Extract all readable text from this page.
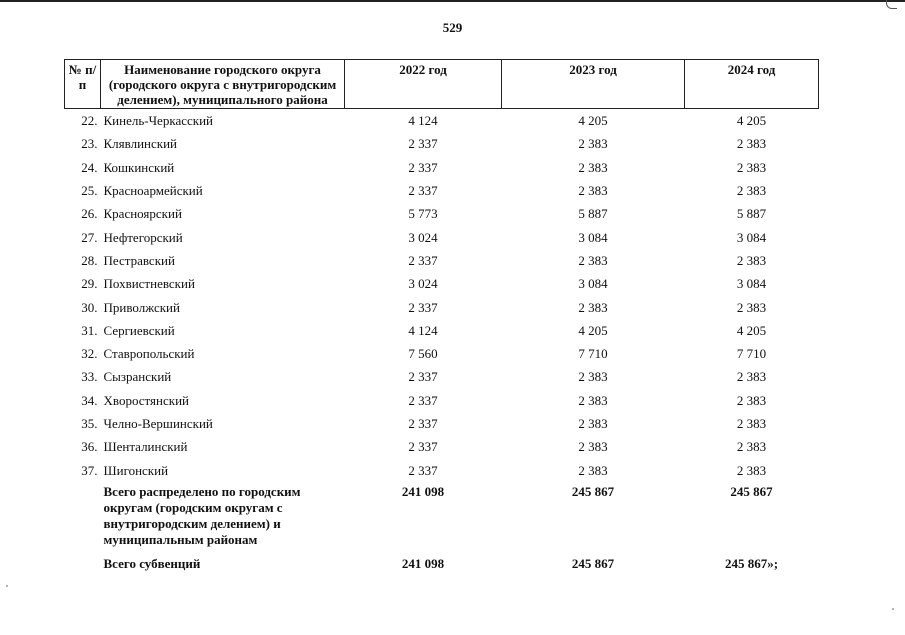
529
№ п/п	Наименование городского округа (городского округа с внутригородским делением), муниципального района	2022 год	2023 год	2024 год
22.	Кинель-Черкасский	4 124	4 205	4 205
23.	Клявлинский	2 337	2 383	2 383
24.	Кошкинский	2 337	2 383	2 383
25.	Красноармейский	2 337	2 383	2 383
26.	Красноярский	5 773	5 887	5 887
27.	Нефтегорский	3 024	3 084	3 084
28.	Пестравский	2 337	2 383	2 383
29.	Похвистневский	3 024	3 084	3 084
30.	Приволжский	2 337	2 383	2 383
31.	Сергиевский	4 124	4 205	4 205
32.	Ставропольский	7 560	7 710	7 710
33.	Сызранский	2 337	2 383	2 383
34.	Хворостянский	2 337	2 383	2 383
35.	Челно-Вершинский	2 337	2 383	2 383
36.	Шенталинский	2 337	2 383	2 383
37.	Шигонский	2 337	2 383	2 383
	Всего распределено по городским округам (городским округам с внутригородским делением) и муниципальным районам	241 098	245 867	245 867
	Всего субвенций	241 098	245 867	245 867»;
